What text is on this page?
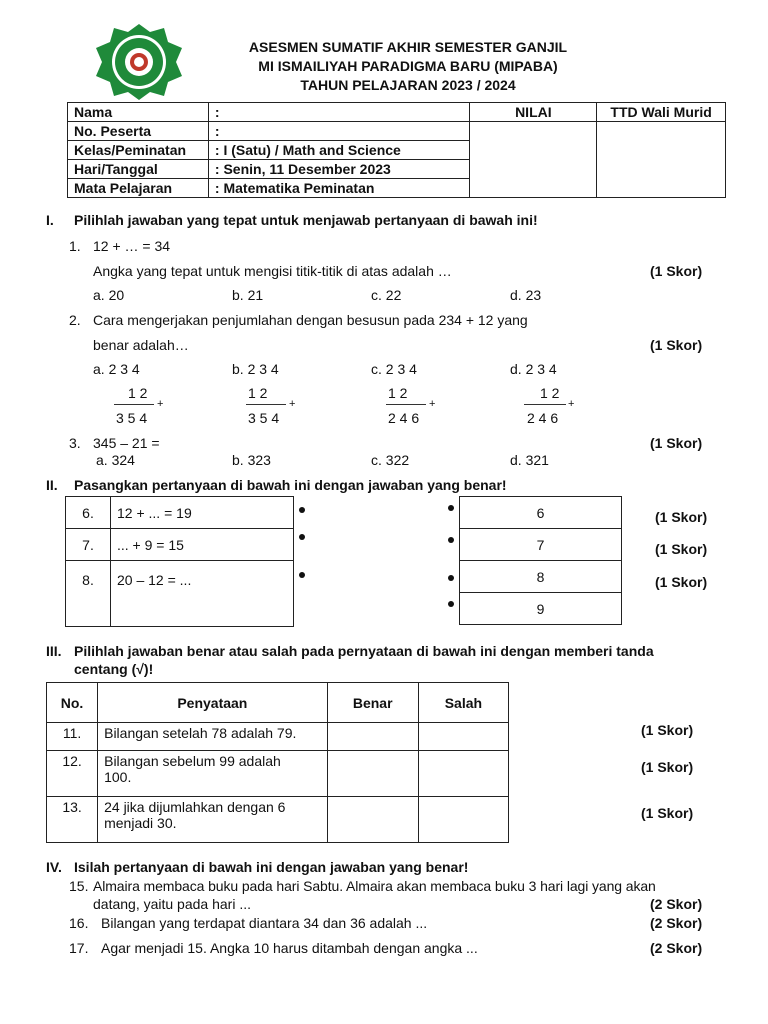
ASESMEN SUMATIF AKHIR SEMESTER GANJIL
MI ISMAILIYAH PARADIGMA BARU (MIPABA)
TAHUN PELAJARAN 2023 / 2024
Nama	:	NILAI	TTD Wali Murid
No. Peserta	:		
Kelas/Peminatan	: I (Satu) / Math and Science		
Hari/Tanggal	: Senin, 11 Desember 2023		
Mata Pelajaran	: Matematika Peminatan		
I. Pilihlah jawaban yang tepat untuk menjawab pertanyaan di bawah ini!
1. 12 + … = 34
Angka yang tepat untuk mengisi titik-titik di atas adalah …	(1 Skor)
a. 20	b. 21	c. 22	d. 23
2. Cara mengerjakan penjumlahan dengan besusun pada 234 + 12 yang
benar adalah…	(1 Skor)
a. 2 3 4	b. 2 3 4	c. 2 3 4	d. 2 3 4
1 2
+
3 5 4
1 2
+
3 5 4
1 2
+
2 4 6
1 2
+
2 4 6
3. 345 – 21 =	(1 Skor)
a. 324	b. 323	c. 322	d. 321
II. Pasangkan pertanyaan di bawah ini dengan jawaban yang benar!
6.	12 + ... = 19
7.	... + 9 = 15
8.	20 – 12 = ...
6
7
8
9
(1 Skor)
(1 Skor)
(1 Skor)
III. Pilihlah jawaban benar atau salah pada pernyataan di bawah ini dengan memberi tanda
centang (√)!
No.	Penyataan	Benar	Salah
11.	Bilangan setelah 78 adalah 79.		

12.	Bilangan sebelum 99 adalah
100.		

13.	24 jika dijumlahkan dengan 6
menjadi 30.		

(1 Skor)
(1 Skor)
(1 Skor)
IV. Isilah pertanyaan di bawah ini dengan jawaban yang benar!
15. Almaira membaca buku pada hari Sabtu. Almaira akan membaca buku 3 hari lagi yang akan
datang, yaitu pada hari ...	(2 Skor)
16. Bilangan yang terdapat diantara 34 dan 36 adalah ...	(2 Skor)
17. Agar menjadi 15. Angka 10 harus ditambah dengan angka ...	(2 Skor)
